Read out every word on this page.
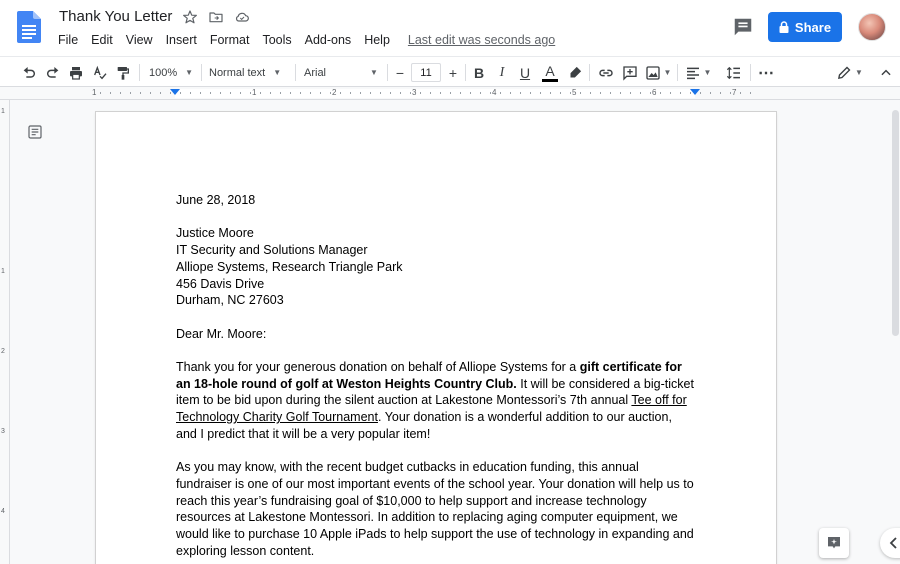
Thank You Letter
File Edit View Insert Format Tools Add-ons Help Last edit was seconds ago
Share
100% ▼ Normal text ▼ Arial	▼	−	11	+	B	I	U A	▼	▼	⋯	▼
1	1	2	3	4	5	6	7
1
1
2
3
4

June 28, 2018

Justice Moore

IT Security and Solutions Manager

Alliope Systems, Research Triangle Park

456 Davis Drive

Durham, NC 27603

Dear Mr. Moore:

Thank you for your generous donation on behalf of Alliope Systems for a gift certificate for an 18-hole round of golf at Weston Heights Country Club. It will be considered a big-ticket item to be bid upon during the silent auction at Lakestone Montessori’s 7th annual Tee off for Technology Charity Golf Tournament. Your donation is a wonderful addition to our auction, and I predict that it will be a very popular item!

As you may know, with the recent budget cutbacks in education funding, this annual fundraiser is one of our most important events of the school year. Your donation will help us to reach this year’s fundraising goal of $10,000 to help support and increase technology resources at Lakestone Montessori. In addition to replacing aging computer equipment, we would like to purchase 10 Apple iPads to help support the use of technology in expanding and exploring lesson content.
